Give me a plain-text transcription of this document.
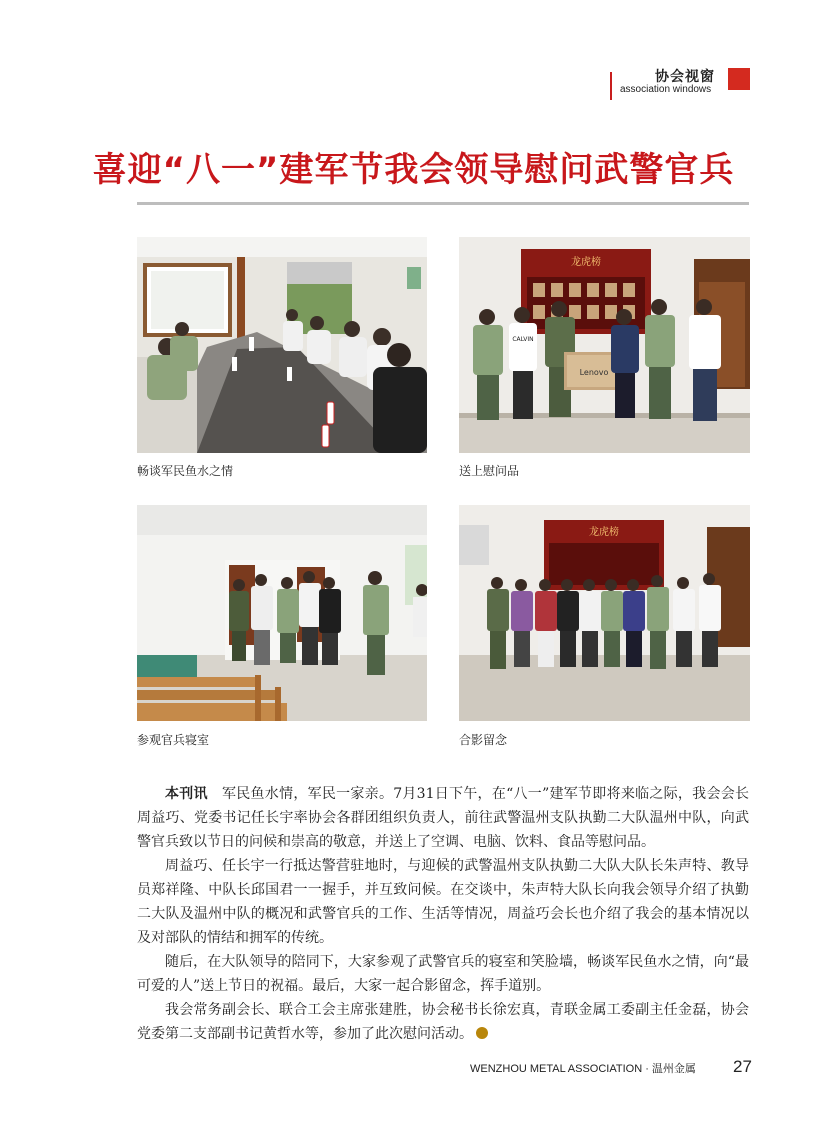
协会视窗
association windows
喜迎“八一”建军节我会领导慰问武警官兵
畅谈军民鱼水之情
龙虎榜
CALVIN
Lenovo
送上慰问品
参观官兵寝室
龙虎榜
合影留念

本刊讯 军民鱼水情，军民一家亲。7月31日下午，在“八一”建军节即将来临之际，我会会长周益巧、党委书记任长宇率协会各群团组织负责人，前往武警温州支队执勤二大队温州中队，向武警官兵致以节日的问候和崇高的敬意，并送上了空调、电脑、饮料、食品等慰问品。

周益巧、任长宇一行抵达警营驻地时，与迎候的武警温州支队执勤二大队大队长朱声特、教导员郑祥隆、中队长邱国君一一握手，并互致问候。在交谈中，朱声特大队长向我会领导介绍了执勤二大队及温州中队的概况和武警官兵的工作、生活等情况，周益巧会长也介绍了我会的基本情况以及对部队的情结和拥军的传统。

随后，在大队领导的陪同下，大家参观了武警官兵的寝室和笑脸墙，畅谈军民鱼水之情，向“最可爱的人”送上节日的祝福。最后，大家一起合影留念，挥手道别。

我会常务副会长、联合工会主席张建胜，协会秘书长徐宏真，青联金属工委副主任金磊，协会党委第二支部副书记黄哲水等，参加了此次慰问活动。

WENZHOU METAL ASSOCIATION · 温州金属 27
